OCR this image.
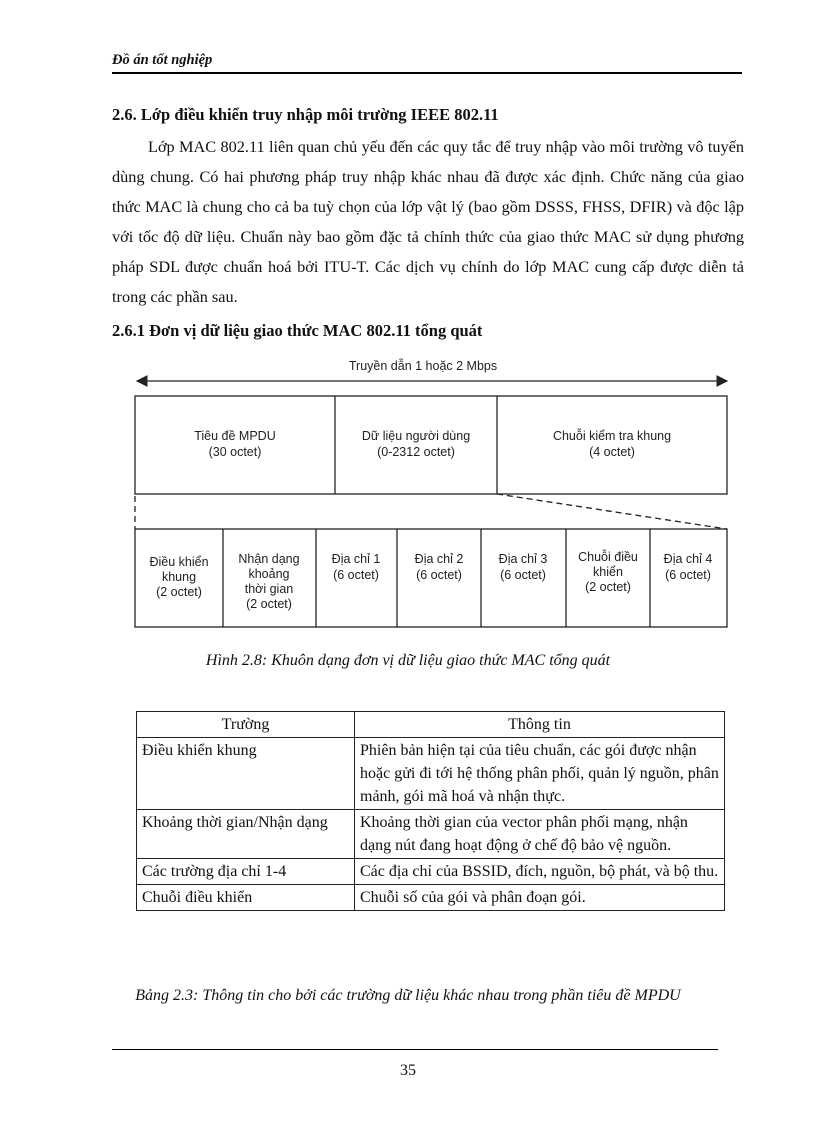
Đồ án tốt nghiệp
2.6. Lớp điều khiển truy nhập môi trường IEEE 802.11

Lớp MAC 802.11 liên quan chủ yếu đến các quy tắc để truy nhập vào môi trường vô tuyến dùng chung. Có hai phương pháp truy nhập khác nhau đã được xác định. Chức năng của giao thức MAC là chung cho cả ba tuỳ chọn của lớp vật lý (bao gồm DSSS, FHSS, DFIR) và độc lập với tốc độ dữ liệu. Chuẩn này bao gồm đặc tả chính thức của giao thức MAC sử dụng phương pháp SDL được chuẩn hoá bởi ITU-T. Các dịch vụ chính do lớp MAC cung cấp được diễn tả trong các phần sau.

2.6.1 Đơn vị dữ liệu giao thức MAC 802.11 tổng quát
Truyền dẫn 1 hoặc 2 Mbps
Tiêu đề MPDU
(30 octet)
Dữ liệu người dùng
(0-2312 octet)
Chuỗi kiểm tra khung
(4 octet)
Điều khiển
khung
(2 octet)
Nhận dạng
khoảng
thời gian
(2 octet)
Địa chỉ 1
(6 octet)
Địa chỉ 2
(6 octet)
Địa chỉ 3
(6 octet)
Chuỗi điều
khiển
(2 octet)
Địa chỉ 4
(6 octet)
Hình 2.8: Khuôn dạng đơn vị dữ liệu giao thức MAC tổng quát
Trường	Thông tin
Điều khiển khung	Phiên bản hiện tại của tiêu chuẩn, các gói được nhận hoặc gửi đi tới hệ thống phân phối, quản lý nguồn, phân mảnh, gói mã hoá và nhận thực.
Khoảng thời gian/Nhận dạng	Khoảng thời gian của vector phân phối mạng, nhận dạng nút đang hoạt động ở chế độ bảo vệ nguồn.
Các trường địa chỉ 1-4	Các địa chỉ của BSSID, đích, nguồn, bộ phát, và bộ thu.
Chuỗi điều khiển	Chuỗi số của gói và phân đoạn gói.
Bảng 2.3: Thông tin cho bởi các trường dữ liệu khác nhau trong phần tiêu đề MPDU
35
